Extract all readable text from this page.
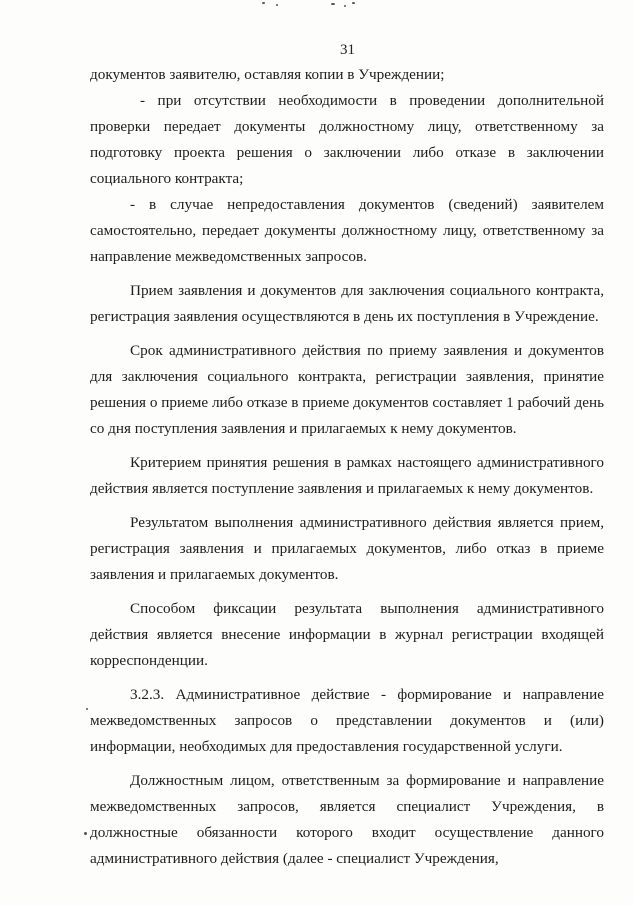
31

документов заявителю, оставляя копии в Учреждении;

- при отсутствии необходимости в проведении дополнительной проверки передает документы должностному лицу, ответственному за подготовку проекта решения о заключении либо отказе в заключении социального контракта;

- в случае непредоставления документов (сведений) заявителем самостоятельно, передает документы должностному лицу, ответственному за направление межведомственных запросов.

Прием заявления и документов для заключения социального контракта, регистрация заявления осуществляются в день их поступления в Учреждение.

Срок административного действия по приему заявления и документов для заключения социального контракта, регистрации заявления, принятие решения о приеме либо отказе в приеме документов составляет 1 рабочий день со дня поступления заявления и прилагаемых к нему документов.

Критерием принятия решения в рамках настоящего административного действия является поступление заявления и прилагаемых к нему документов.

Результатом выполнения административного действия является прием, регистрация заявления и прилагаемых документов, либо отказ в приеме заявления и прилагаемых документов.

Способом фиксации результата выполнения административного действия является внесение информации в журнал регистрации входящей корреспонденции.

3.2.3. Административное действие - формирование и направление межведомственных запросов о представлении документов и (или) информации, необходимых для предоставления государственной услуги.

Должностным лицом, ответственным за формирование и направление межведомственных запросов, является специалист Учреждения, в должностные обязанности которого входит осуществление данного административного действия (далее - специалист Учреждения,
